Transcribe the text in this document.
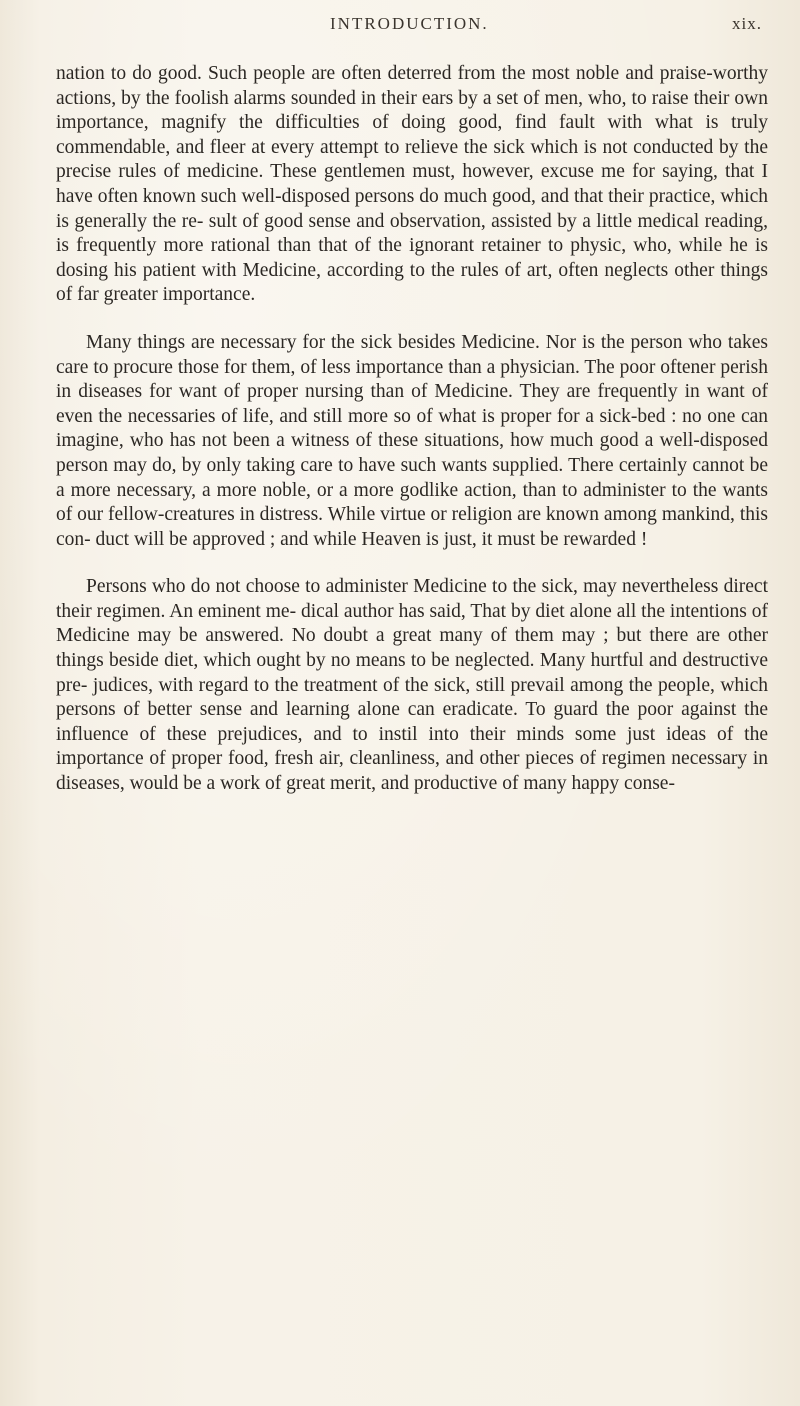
INTRODUCTION.	xix.

nation to do good. Such people are often deterred from the most noble and praise-worthy actions, by the foolish alarms sounded in their ears by a set of men, who, to raise their own importance, magnify the difficulties of doing good, find fault with what is truly commendable, and fleer at every attempt to relieve the sick which is not conducted by the precise rules of medicine. These gentlemen must, however, excuse me for saying, that I have often known such well-disposed persons do much good, and that their practice, which is generally the re- sult of good sense and observation, assisted by a little medical reading, is frequently more rational than that of the ignorant retainer to physic, who, while he is dosing his patient with Medicine, according to the rules of art, often neglects other things of far greater importance.

Many things are necessary for the sick besides Medicine. Nor is the person who takes care to procure those for them, of less importance than a physician. The poor oftener perish in diseases for want of proper nursing than of Medicine. They are frequently in want of even the necessaries of life, and still more so of what is proper for a sick-bed : no one can imagine, who has not been a witness of these situations, how much good a well-disposed person may do, by only taking care to have such wants supplied. There certainly cannot be a more necessary, a more noble, or a more godlike action, than to administer to the wants of our fellow-creatures in distress. While virtue or religion are known among mankind, this con- duct will be approved ; and while Heaven is just, it must be rewarded !

Persons who do not choose to administer Medicine to the sick, may nevertheless direct their regimen. An eminent me- dical author has said, That by diet alone all the intentions of Medicine may be answered. No doubt a great many of them may ; but there are other things beside diet, which ought by no means to be neglected. Many hurtful and destructive pre- judices, with regard to the treatment of the sick, still prevail among the people, which persons of better sense and learning alone can eradicate. To guard the poor against the influence of these prejudices, and to instil into their minds some just ideas of the importance of proper food, fresh air, cleanliness, and other pieces of regimen necessary in diseases, would be a work of great merit, and productive of many happy conse-
